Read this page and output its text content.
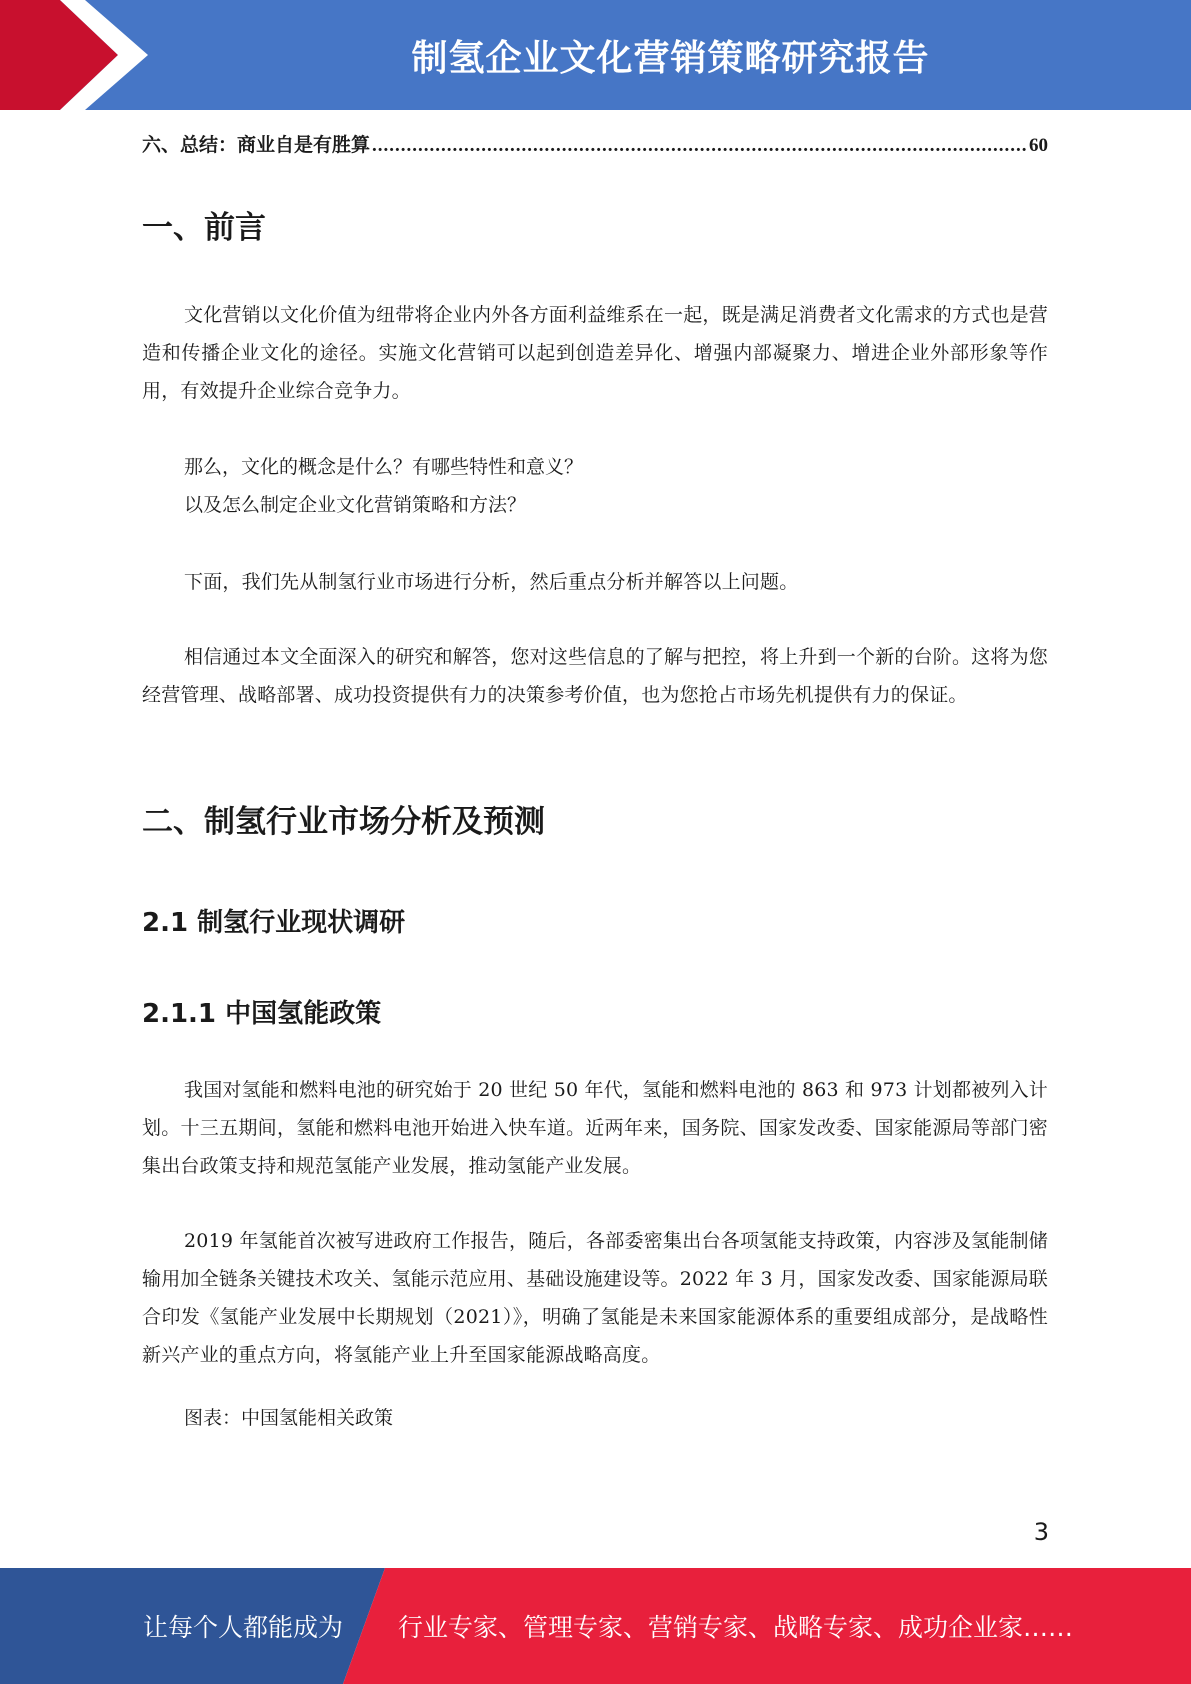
制氢企业文化营销策略研究报告
六、总结：商业自是有胜算
.....	60
一、前言

文化营销以文化价值为纽带将企业内外各方面利益维系在一起，既是满足消费者文化需求的方式也是营造和传播企业文化的途径。实施文化营销可以起到创造差异化、增强内部凝聚力、增进企业外部形象等作用，有效提升企业综合竞争力。

那么，文化的概念是什么？有哪些特性和意义？

以及怎么制定企业文化营销策略和方法？

下面，我们先从制氢行业市场进行分析，然后重点分析并解答以上问题。

相信通过本文全面深入的研究和解答，您对这些信息的了解与把控，将上升到一个新的台阶。这将为您经营管理、战略部署、成功投资提供有力的决策参考价值，也为您抢占市场先机提供有力的保证。

二、制氢行业市场分析及预测
2.1 制氢行业现状调研
2.1.1 中国氢能政策

我国对氢能和燃料电池的研究始于 20 世纪 50 年代，氢能和燃料电池的 863 和 973 计划都被列入计划。十三五期间，氢能和燃料电池开始进入快车道。近两年来，国务院、国家发改委、国家能源局等部门密集出台政策支持和规范氢能产业发展，推动氢能产业发展。

2019 年氢能首次被写进政府工作报告，随后，各部委密集出台各项氢能支持政策，内容涉及氢能制储输用加全链条关键技术攻关、氢能示范应用、基础设施建设等。2022 年 3 月，国家发改委、国家能源局联合印发《氢能产业发展中长期规划（2021）》，明确了氢能是未来国家能源体系的重要组成部分，是战略性新兴产业的重点方向，将氢能产业上升至国家能源战略高度。

图表：中国氢能相关政策

3
让每个人都能成为 行业专家、管理专家、营销专家、战略专家、成功企业家……
